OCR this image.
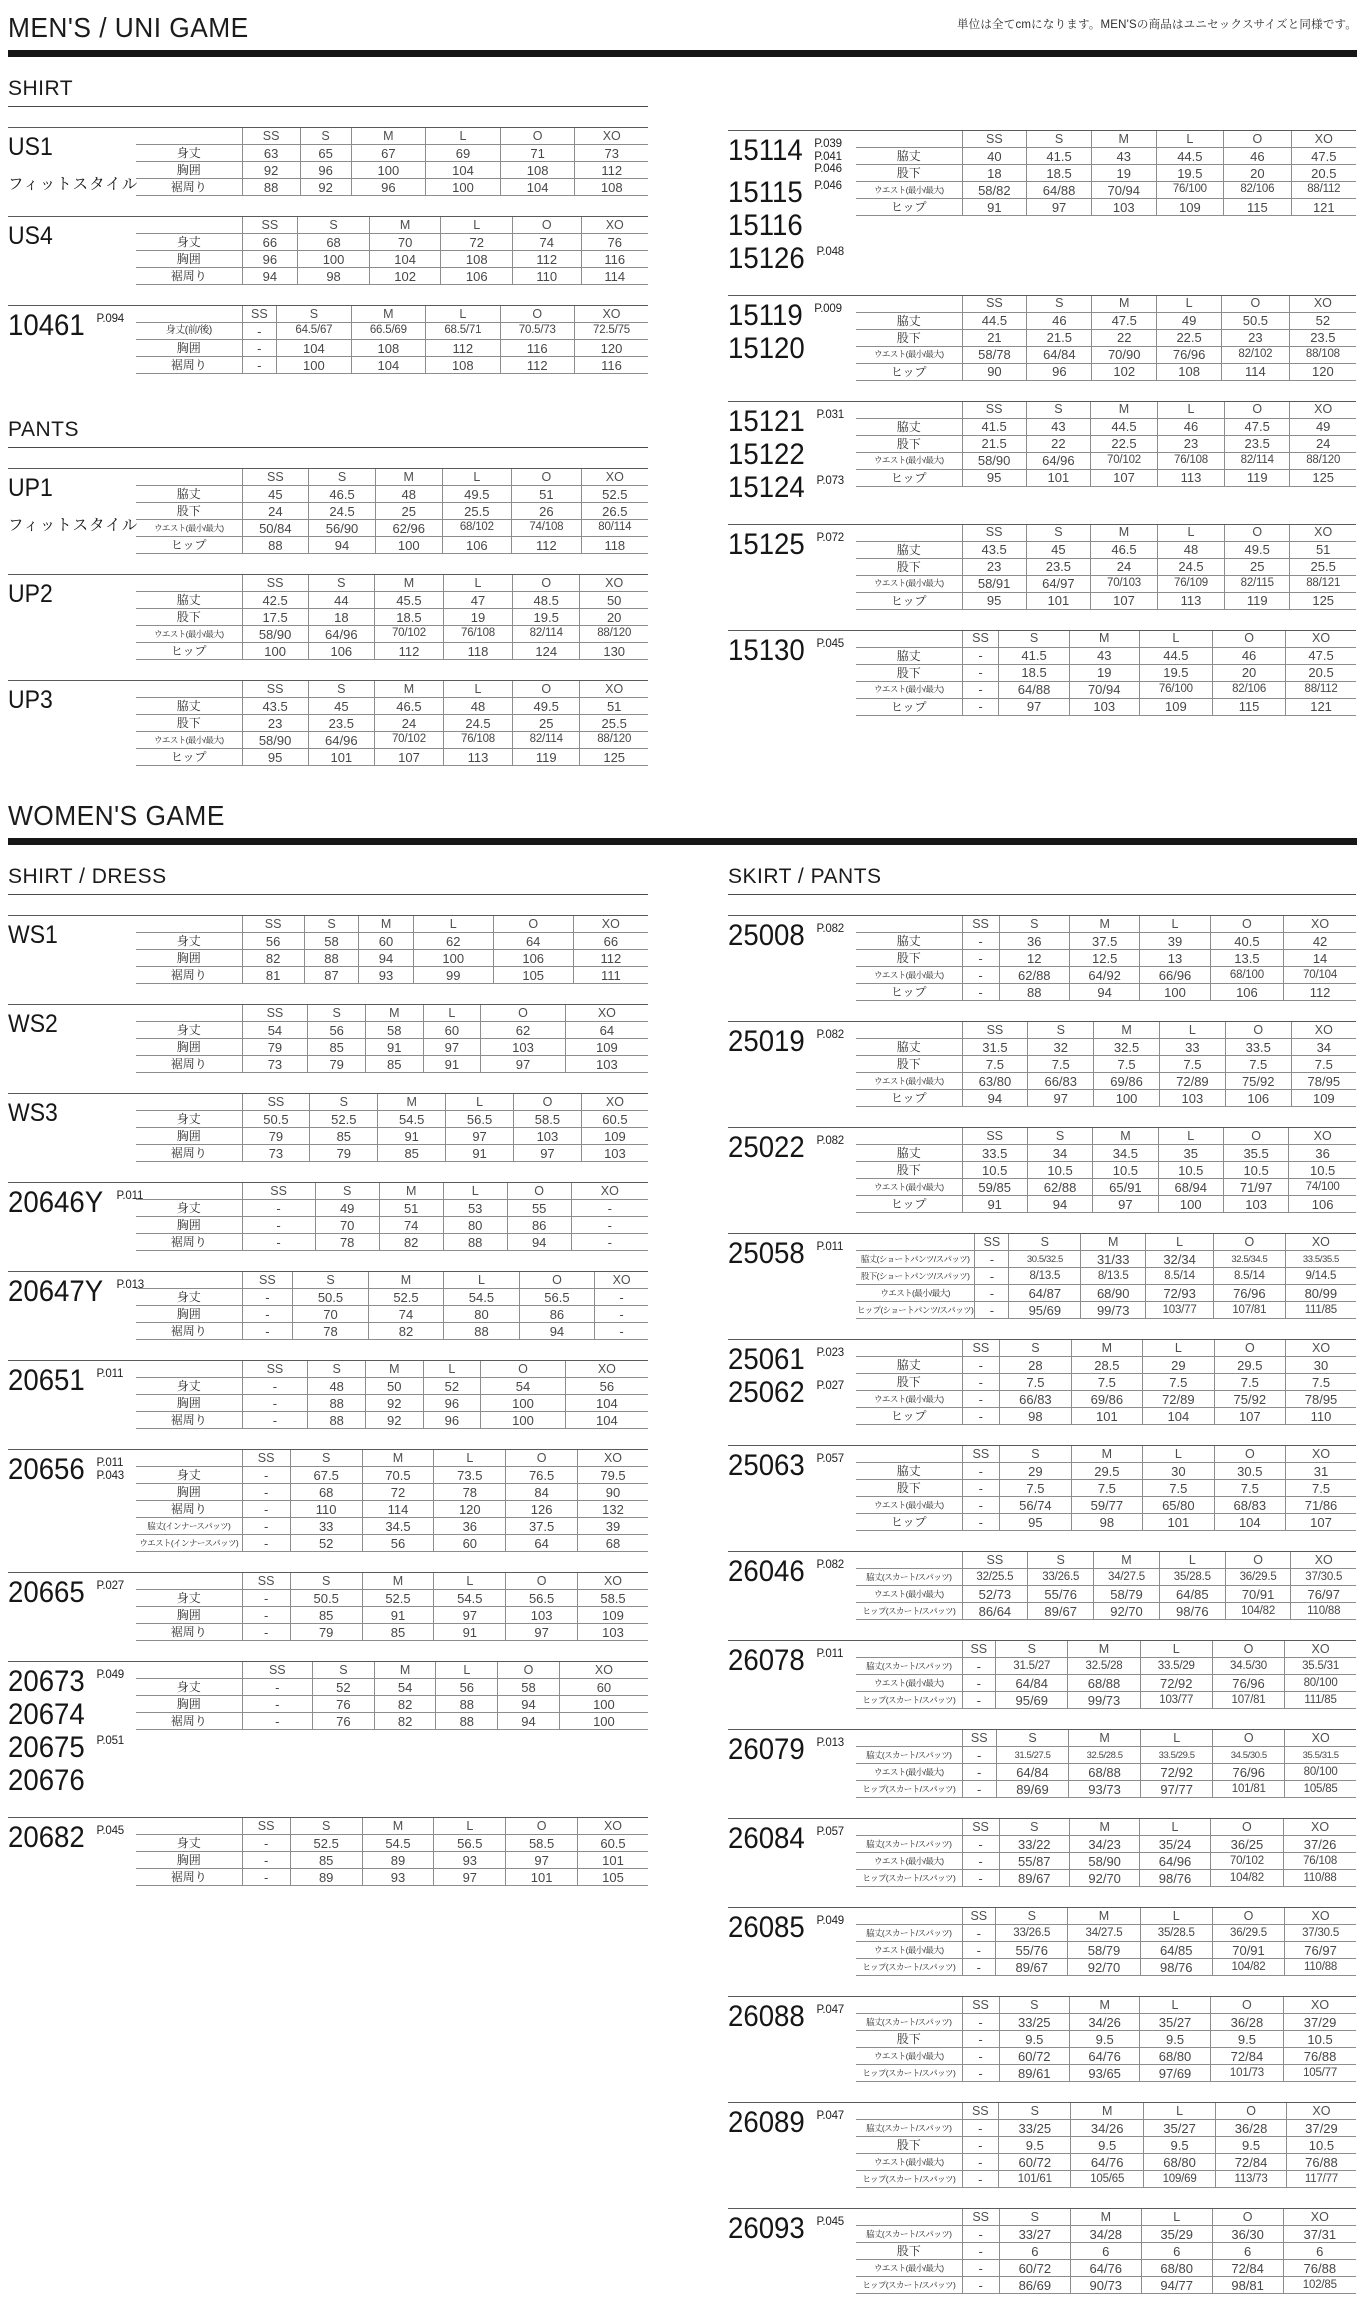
単位は全てcmになります。MEN'Sの商品はユニセックスサイズと同様です。
MEN'S / UNI GAME
SHIRT
US1
フィットスタイル
	SS	S	M	L	O	XO
身丈	63	65	67	69	71	73
胸囲	92	96	100	104	108	112
裾周り	88	92	96	100	104	108
US4
		SS	S	M	L	O	XO
身丈	66	68	70	72	74	76
胸囲	96	100	104	108	112	116
裾周り	94	98	102	106	110	114
10461 P.094
		SS	S	M	L	O	XO
身丈(前/後)	-	64.5/67	66.5/69	68.5/71	70.5/73	72.5/75
胸囲	-	104	108	112	116	120
裾周り	-	100	104	108	112	116
PANTS
UP1
フィットスタイル
	SS	S	M	L	O	XO
脇丈	45	46.5	48	49.5	51	52.5
股下	24	24.5	25	25.5	26	26.5
ウエスト(最小/最大)	50/84	56/90	62/96	68/102	74/108	80/114
ヒップ	88	94	100	106	112	118
UP2
		SS	S	M	L	O	XO
脇丈	42.5	44	45.5	47	48.5	50
股下	17.5	18	18.5	19	19.5	20
ウエスト(最小/最大)	58/90	64/96	70/102	76/108	82/114	88/120
ヒップ	100	106	112	118	124	130
UP3
		SS	S	M	L	O	XO
脇丈	43.5	45	46.5	48	49.5	51
股下	23	23.5	24	24.5	25	25.5
ウエスト(最小/最大)	58/90	64/96	70/102	76/108	82/114	88/120
ヒップ	95	101	107	113	119	125
15114 P.039
P.041
P.046
15115 P.046
15116
15126 P.048
	SS	S	M	L	O	XO
脇丈	40	41.5	43	44.5	46	47.5
股下	18	18.5	19	19.5	20	20.5
ウエスト(最小/最大)	58/82	64/88	70/94	76/100	82/106	88/112
ヒップ	91	97	103	109	115	121
15119 P.009
15120
	SS	S	M	L	O	XO
脇丈	44.5	46	47.5	49	50.5	52
股下	21	21.5	22	22.5	23	23.5
ウエスト(最小/最大)	58/78	64/84	70/90	76/96	82/102	88/108
ヒップ	90	96	102	108	114	120
15121 P.031
15122
15124 P.073
	SS	S	M	L	O	XO
脇丈	41.5	43	44.5	46	47.5	49
股下	21.5	22	22.5	23	23.5	24
ウエスト(最小/最大)	58/90	64/96	70/102	76/108	82/114	88/120
ヒップ	95	101	107	113	119	125
15125 P.072
		SS	S	M	L	O	XO
脇丈	43.5	45	46.5	48	49.5	51
股下	23	23.5	24	24.5	25	25.5
ウエスト(最小/最大)	58/91	64/97	70/103	76/109	82/115	88/121
ヒップ	95	101	107	113	119	125
15130 P.045
		SS	S	M	L	O	XO
脇丈	-	41.5	43	44.5	46	47.5
股下	-	18.5	19	19.5	20	20.5
ウエスト(最小/最大)	-	64/88	70/94	76/100	82/106	88/112
ヒップ	-	97	103	109	115	121
WOMEN'S GAME
SHIRT / DRESS
WS1
		SS	S	M	L	O	XO
身丈	56	58	60	62	64	66
胸囲	82	88	94	100	106	112
裾周り	81	87	93	99	105	111
WS2
		SS	S	M	L	O	XO
身丈	54	56	58	60	62	64
胸囲	79	85	91	97	103	109
裾周り	73	79	85	91	97	103
WS3
		SS	S	M	L	O	XO
身丈	50.5	52.5	54.5	56.5	58.5	60.5
胸囲	79	85	91	97	103	109
裾周り	73	79	85	91	97	103
20646Y P.011
		SS	S	M	L	O	XO
身丈	-	49	51	53	55	-
胸囲	-	70	74	80	86	-
裾周り	-	78	82	88	94	-
20647Y P.013
		SS	S	M	L	O	XO
身丈	-	50.5	52.5	54.5	56.5	-
胸囲	-	70	74	80	86	-
裾周り	-	78	82	88	94	-
20651 P.011
		SS	S	M	L	O	XO
身丈	-	48	50	52	54	56
胸囲	-	88	92	96	100	104
裾周り	-	88	92	96	100	104
20656 P.011
P.043
	SS	S	M	L	O	XO
身丈	-	67.5	70.5	73.5	76.5	79.5
胸囲	-	68	72	78	84	90
裾周り	-	110	114	120	126	132
脇丈(インナースパッツ)	-	33	34.5	36	37.5	39
ウエスト(インナースパッツ)	-	52	56	60	64	68
20665 P.027
		SS	S	M	L	O	XO
身丈	-	50.5	52.5	54.5	56.5	58.5
胸囲	-	85	91	97	103	109
裾周り	-	79	85	91	97	103
20673 P.049
20674
20675 P.051
20676
	SS	S	M	L	O	XO
身丈	-	52	54	56	58	60
胸囲	-	76	82	88	94	100
裾周り	-	76	82	88	94	100
20682 P.045
		SS	S	M	L	O	XO
身丈	-	52.5	54.5	56.5	58.5	60.5
胸囲	-	85	89	93	97	101
裾周り	-	89	93	97	101	105
SKIRT / PANTS
25008 P.082
		SS	S	M	L	O	XO
脇丈	-	36	37.5	39	40.5	42
股下	-	12	12.5	13	13.5	14
ウエスト(最小/最大)	-	62/88	64/92	66/96	68/100	70/104
ヒップ	-	88	94	100	106	112
25019 P.082
		SS	S	M	L	O	XO
脇丈	31.5	32	32.5	33	33.5	34
股下	7.5	7.5	7.5	7.5	7.5	7.5
ウエスト(最小/最大)	63/80	66/83	69/86	72/89	75/92	78/95
ヒップ	94	97	100	103	106	109
25022 P.082
		SS	S	M	L	O	XO
脇丈	33.5	34	34.5	35	35.5	36
股下	10.5	10.5	10.5	10.5	10.5	10.5
ウエスト(最小/最大)	59/85	62/88	65/91	68/94	71/97	74/100
ヒップ	91	94	97	100	103	106
25058 P.011
		SS	S	M	L	O	XO
脇丈(ショートパンツ/スパッツ)	-	30.5/32.5	31/33	32/34	32.5/34.5	33.5/35.5
股下(ショートパンツ/スパッツ)	-	8/13.5	8/13.5	8.5/14	8.5/14	9/14.5
ウエスト(最小/最大)	-	64/87	68/90	72/93	76/96	80/99
ヒップ(ショートパンツ/スパッツ)	-	95/69	99/73	103/77	107/81	111/85
25061 P.023
25062 P.027
	SS	S	M	L	O	XO
脇丈	-	28	28.5	29	29.5	30
股下	-	7.5	7.5	7.5	7.5	7.5
ウエスト(最小/最大)	-	66/83	69/86	72/89	75/92	78/95
ヒップ	-	98	101	104	107	110
25063 P.057
		SS	S	M	L	O	XO
脇丈	-	29	29.5	30	30.5	31
股下	-	7.5	7.5	7.5	7.5	7.5
ウエスト(最小/最大)	-	56/74	59/77	65/80	68/83	71/86
ヒップ	-	95	98	101	104	107
26046 P.082
		SS	S	M	L	O	XO
脇丈(スカート/スパッツ)	32/25.5	33/26.5	34/27.5	35/28.5	36/29.5	37/30.5
ウエスト(最小/最大)	52/73	55/76	58/79	64/85	70/91	76/97
ヒップ(スカート/スパッツ)	86/64	89/67	92/70	98/76	104/82	110/88
26078 P.011
		SS	S	M	L	O	XO
脇丈(スカート/スパッツ)	-	31.5/27	32.5/28	33.5/29	34.5/30	35.5/31
ウエスト(最小/最大)	-	64/84	68/88	72/92	76/96	80/100
ヒップ(スカート/スパッツ)	-	95/69	99/73	103/77	107/81	111/85
26079 P.013
		SS	S	M	L	O	XO
脇丈(スカート/スパッツ)	-	31.5/27.5	32.5/28.5	33.5/29.5	34.5/30.5	35.5/31.5
ウエスト(最小/最大)	-	64/84	68/88	72/92	76/96	80/100
ヒップ(スカート/スパッツ)	-	89/69	93/73	97/77	101/81	105/85
26084 P.057
		SS	S	M	L	O	XO
脇丈(スカート/スパッツ)	-	33/22	34/23	35/24	36/25	37/26
ウエスト(最小/最大)	-	55/87	58/90	64/96	70/102	76/108
ヒップ(スカート/スパッツ)	-	89/67	92/70	98/76	104/82	110/88
26085 P.049
		SS	S	M	L	O	XO
脇丈(スカート/スパッツ)	-	33/26.5	34/27.5	35/28.5	36/29.5	37/30.5
ウエスト(最小/最大)	-	55/76	58/79	64/85	70/91	76/97
ヒップ(スカート/スパッツ)	-	89/67	92/70	98/76	104/82	110/88
26088 P.047
		SS	S	M	L	O	XO
脇丈(スカート/スパッツ)	-	33/25	34/26	35/27	36/28	37/29
股下	-	9.5	9.5	9.5	9.5	10.5
ウエスト(最小/最大)	-	60/72	64/76	68/80	72/84	76/88
ヒップ(スカート/スパッツ)	-	89/61	93/65	97/69	101/73	105/77
26089 P.047
		SS	S	M	L	O	XO
脇丈(スカート/スパッツ)	-	33/25	34/26	35/27	36/28	37/29
股下	-	9.5	9.5	9.5	9.5	10.5
ウエスト(最小/最大)	-	60/72	64/76	68/80	72/84	76/88
ヒップ(スカート/スパッツ)	-	101/61	105/65	109/69	113/73	117/77
26093 P.045
		SS	S	M	L	O	XO
脇丈(スカート/スパッツ)	-	33/27	34/28	35/29	36/30	37/31
股下	-	6	6	6	6	6
ウエスト(最小/最大)	-	60/72	64/76	68/80	72/84	76/88
ヒップ(スカート/スパッツ)	-	86/69	90/73	94/77	98/81	102/85
